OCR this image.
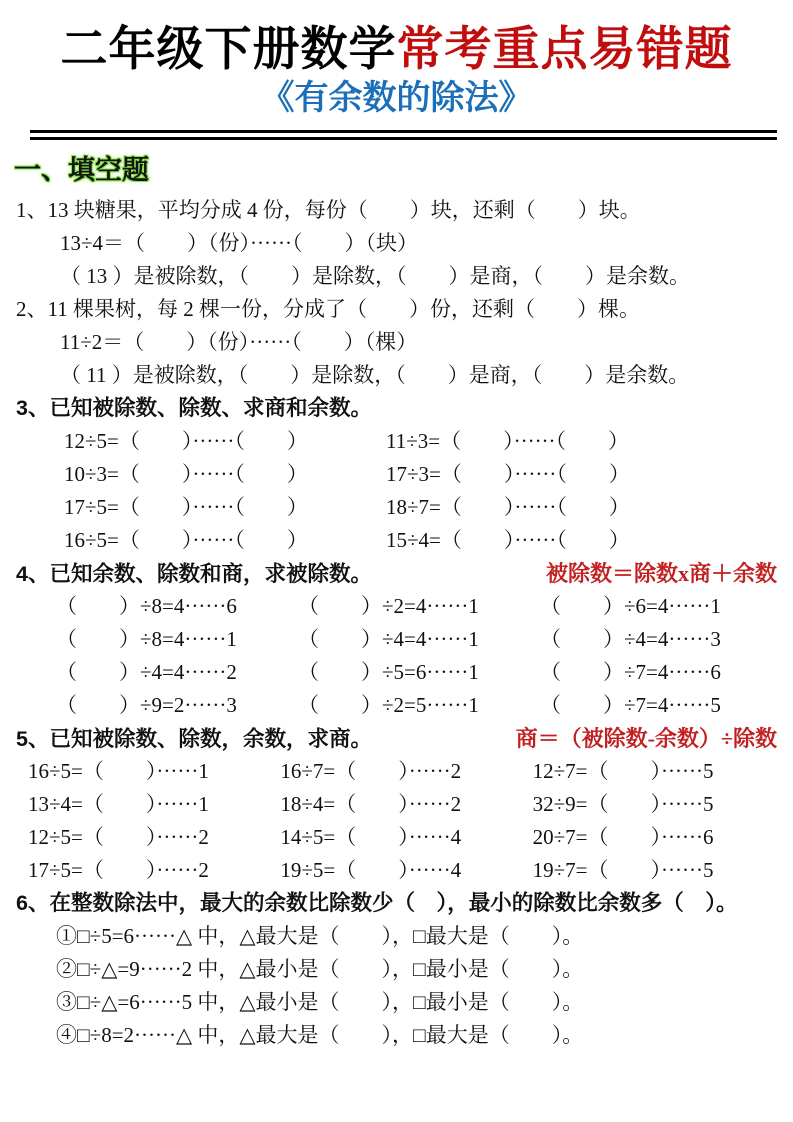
二年级下册数学常考重点易错题
《有余数的除法》
一、填空题
1、13 块糖果，平均分成 4 份，每份（　　）块，还剩（　　）块。
13÷4＝（　　）（份）······（　　）（块）
（ 13 ）是被除数，（　　）是除数，（　　）是商，（　　）是余数。
2、11 棵果树，每 2 棵一份，分成了（　　）份，还剩（　　）棵。
11÷2＝（　　）（份）······（　　）（棵）
（ 11 ）是被除数，（　　）是除数，（　　）是商，（　　）是余数。
3、已知被除数、除数、求商和余数。
12÷5=（　　）······（　　）	11÷3=（　　）······（　　）
10÷3=（　　）······（　　）	17÷3=（　　）······（　　）
17÷5=（　　）······（　　）	18÷7=（　　）······（　　）
16÷5=（　　）······（　　）	15÷4=（　　）······（　　）
4、已知余数、除数和商，求被除数。	被除数＝除数x商＋余数
（　　）÷8=4······6	（　　）÷2=4······1	（　　）÷6=4······1
（　　）÷8=4······1	（　　）÷4=4······1	（　　）÷4=4······3
（　　）÷4=4······2	（　　）÷5=6······1	（　　）÷7=4······6
（　　）÷9=2······3	（　　）÷2=5······1	（　　）÷7=4······5
5、已知被除数、除数，余数，求商。	商＝（被除数-余数）÷除数
16÷5=（　　）······1	16÷7=（　　）······2	12÷7=（　　）······5
13÷4=（　　）······1	18÷4=（　　）······2	32÷9=（　　）······5
12÷5=（　　）······2	14÷5=（　　）······4	20÷7=（　　）······6
17÷5=（　　）······2	19÷5=（　　）······4	19÷7=（　　）······5
6、在整数除法中，最大的余数比除数少（　），最小的除数比余数多（　）。
①□÷5=6······△ 中，△最大是（　　），□最大是（　　）。
②□÷△=9······2 中，△最小是（　　），□最小是（　　）。
③□÷△=6······5 中，△最小是（　　），□最小是（　　）。
④□÷8=2······△ 中，△最大是（　　），□最大是（　　）。
